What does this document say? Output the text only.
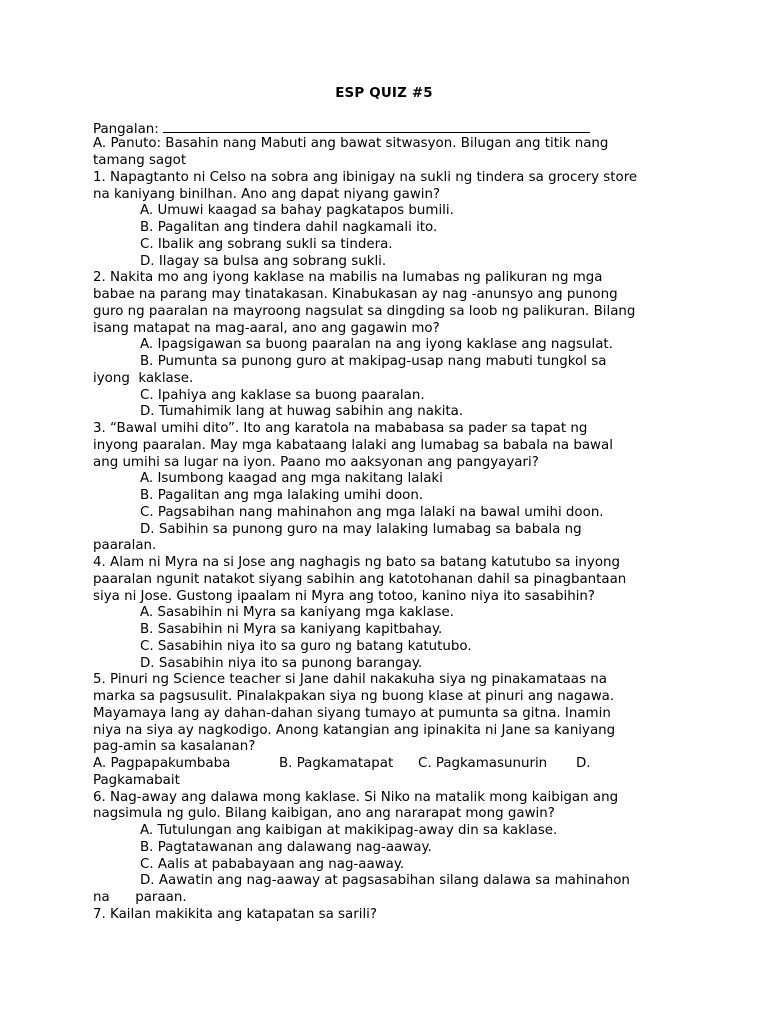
ESP QUIZ #5
Pangalan:
A. Panuto: Basahin nang Mabuti ang bawat sitwasyon. Bilugan ang titik nang
tamang sagot
1. Napagtanto ni Celso na sobra ang ibinigay na sukli ng tindera sa grocery store
na kaniyang binilhan. Ano ang dapat niyang gawin?
A. Umuwi kaagad sa bahay pagkatapos bumili.
B. Pagalitan ang tindera dahil nagkamali ito.
C. Ibalik ang sobrang sukli sa tindera.
D. Ilagay sa bulsa ang sobrang sukli.
2. Nakita mo ang iyong kaklase na mabilis na lumabas ng palikuran ng mga
babae na parang may tinatakasan. Kinabukasan ay nag -anunsyo ang punong
guro ng paaralan na mayroong nagsulat sa dingding sa loob ng palikuran. Bilang
isang matapat na mag-aaral, ano ang gagawin mo?
A. Ipagsigawan sa buong paaralan na ang iyong kaklase ang nagsulat.
B. Pumunta sa punong guro at makipag-usap nang mabuti tungkol sa
iyong  kaklase.
C. Ipahiya ang kaklase sa buong paaralan.
D. Tumahimik lang at huwag sabihin ang nakita.
3. “Bawal umihi dito”. Ito ang karatola na mababasa sa pader sa tapat ng
inyong paaralan. May mga kabataang lalaki ang lumabag sa babala na bawal
ang umihi sa lugar na iyon. Paano mo aaksyonan ang pangyayari?
A. Isumbong kaagad ang mga nakitang lalaki
B. Pagalitan ang mga lalaking umihi doon.
C. Pagsabihan nang mahinahon ang mga lalaki na bawal umihi doon.
D. Sabihin sa punong guro na may lalaking lumabag sa babala ng
paaralan.
4. Alam ni Myra na si Jose ang naghagis ng bato sa batang katutubo sa inyong
paaralan ngunit natakot siyang sabihin ang katotohanan dahil sa pinagbantaan
siya ni Jose. Gustong ipaalam ni Myra ang totoo, kanino niya ito sasabihin?
A. Sasabihin ni Myra sa kaniyang mga kaklase.
B. Sasabihin ni Myra sa kaniyang kapitbahay.
C. Sasabihin niya ito sa guro ng batang katutubo.
D. Sasabihin niya ito sa punong barangay.
5. Pinuri ng Science teacher si Jane dahil nakakuha siya ng pinakamataas na
marka sa pagsusulit. Pinalakpakan siya ng buong klase at pinuri ang nagawa.
Mayamaya lang ay dahan-dahan siyang tumayo at pumunta sa gitna. Inamin
niya na siya ay nagkodigo. Anong katangian ang ipinakita ni Jane sa kaniyang
pag-amin sa kasalanan?
A. Pagpapakumbaba	B. Pagkamatapat C. Pagkamasunurin D.
Pagkamabait
6. Nag-away ang dalawa mong kaklase. Si Niko na matalik mong kaibigan ang
nagsimula ng gulo. Bilang kaibigan, ano ang nararapat mong gawin?
A. Tutulungan ang kaibigan at makikipag-away din sa kaklase.
B. Pagtatawanan ang dalawang nag-aaway.
C. Aalis at pababayaan ang nag-aaway.
D. Aawatin ang nag-aaway at pagsasabihan silang dalawa sa mahinahon
na      paraan.
7. Kailan makikita ang katapatan sa sarili?
